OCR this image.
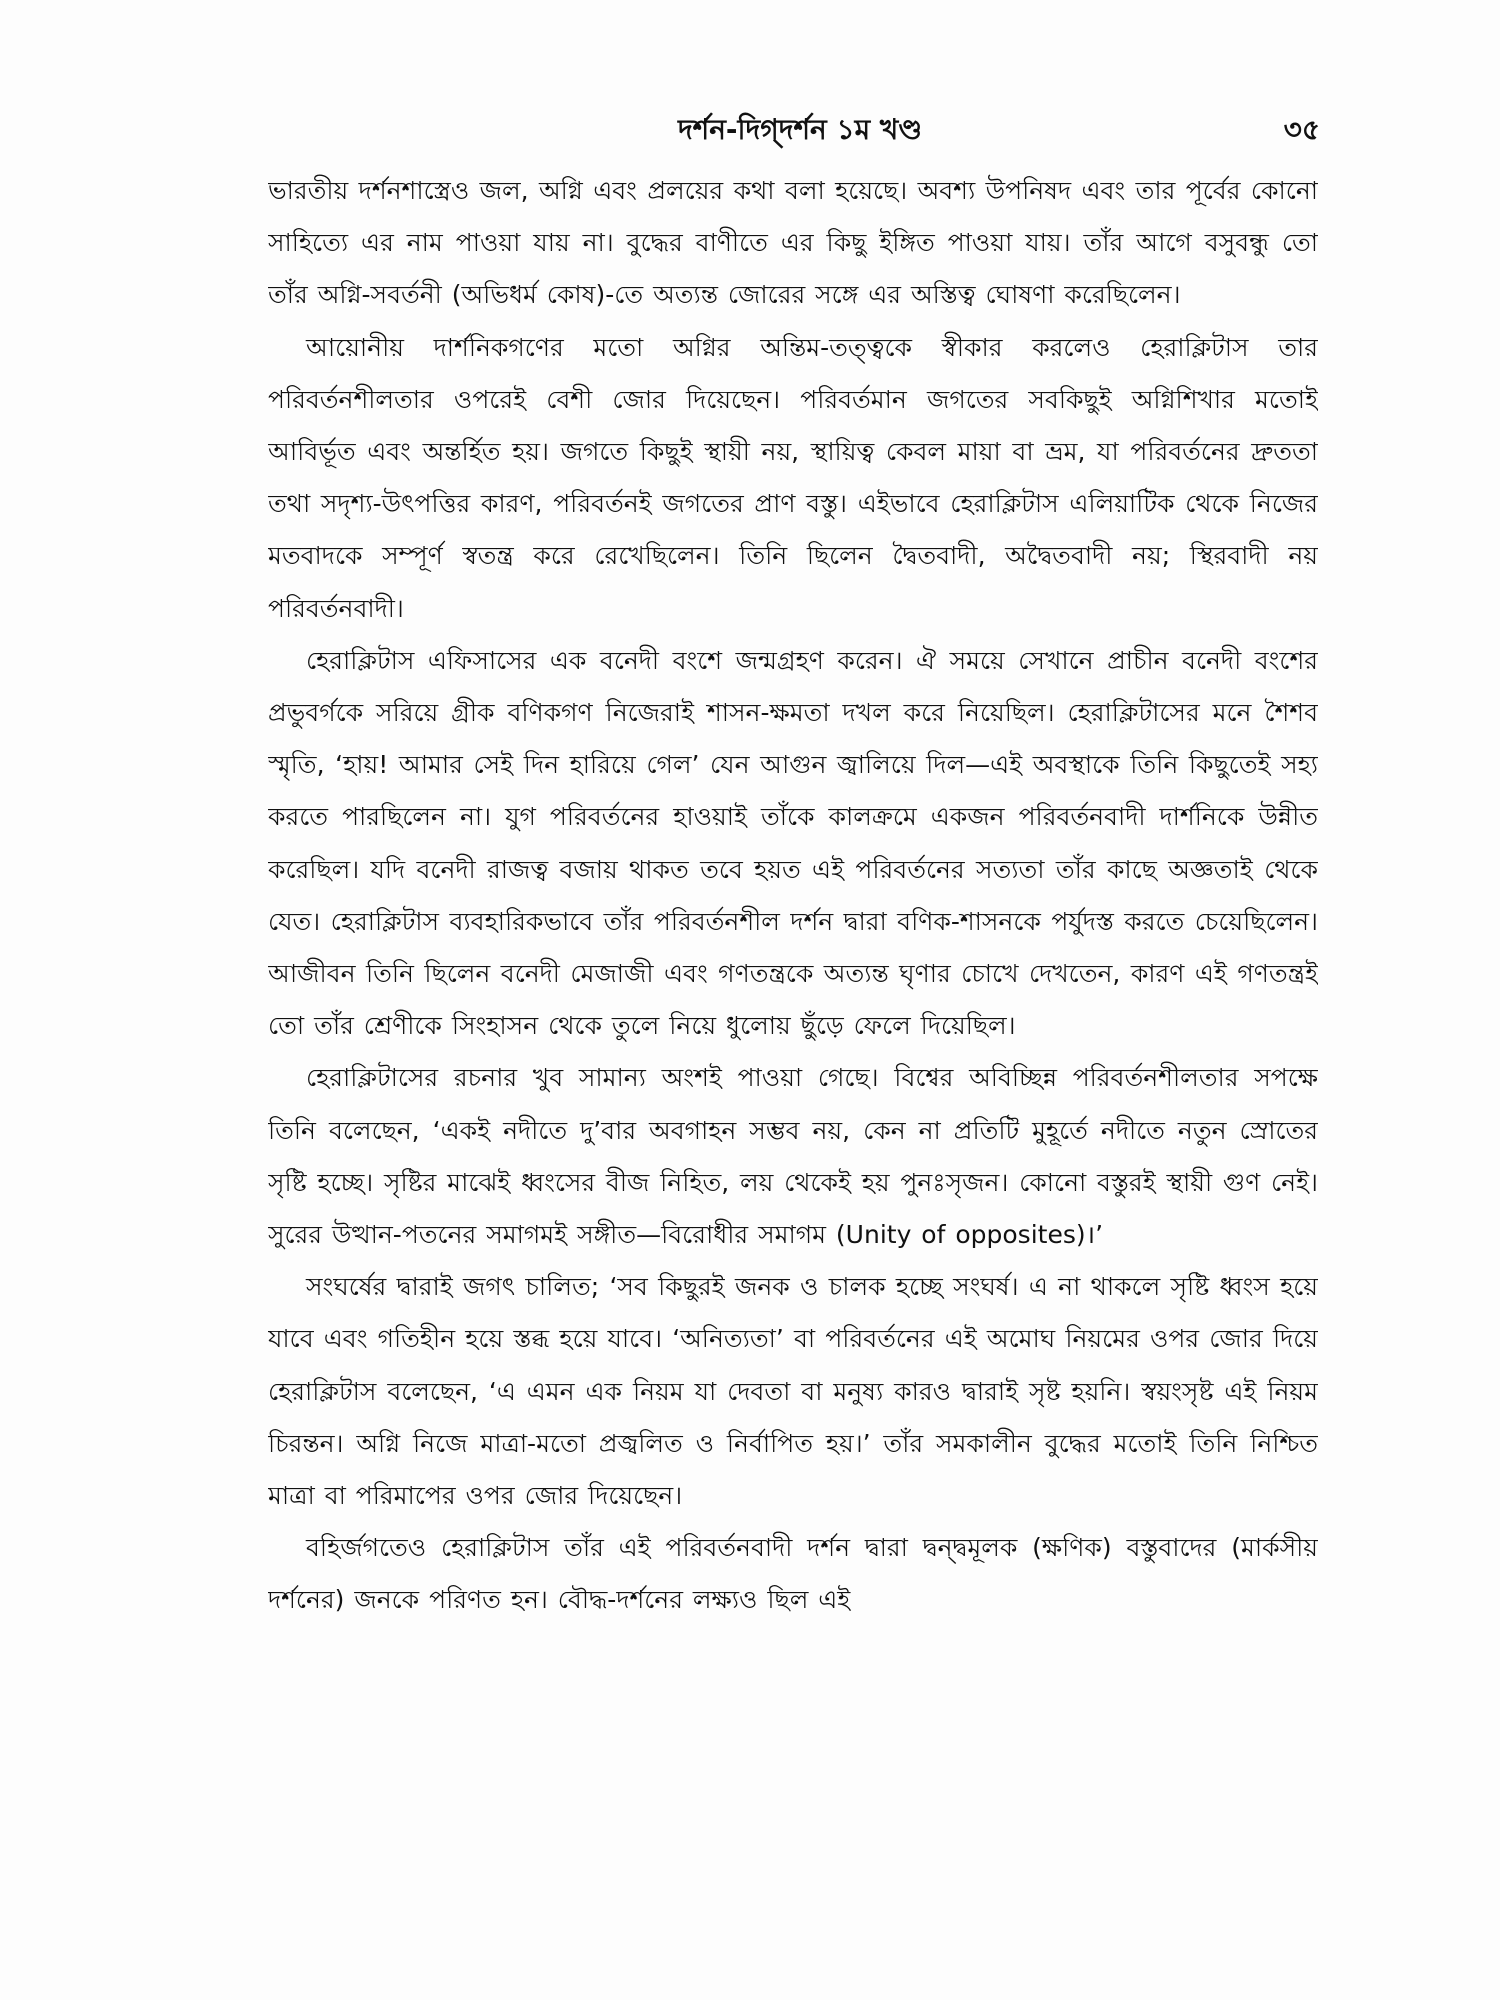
দর্শন-দিগ্‌দর্শন ১ম খণ্ড	৩৫

ভারতীয় দর্শনশাস্ত্রেও জল, অগ্নি এবং প্রলয়ের কথা বলা হয়েছে। অবশ্য উপনিষদ এবং তার পূর্বের কোনো সাহিত্যে এর নাম পাওয়া যায় না। বুদ্ধের বাণীতে এর কিছু ইঙ্গিত পাওয়া যায়। তাঁর আগে বসুবন্ধু তো তাঁর অগ্নি-সবর্তনী (অভিধর্ম কোষ)-তে অত্যন্ত জোরের সঙ্গে এর অস্তিত্ব ঘোষণা করেছিলেন।

আয়োনীয় দার্শনিকগণের মতো অগ্নির অন্তিম-তত্ত্বকে স্বীকার করলেও হেরাক্লিটাস তার পরিবর্তনশীলতার ওপরেই বেশী জোর দিয়েছেন। পরিবর্তমান জগতের সবকিছুই অগ্নিশিখার মতোই আবির্ভূত এবং অন্তর্হিত হয়। জগতে কিছুই স্থায়ী নয়, স্থায়িত্ব কেবল মায়া বা ভ্রম, যা পরিবর্তনের দ্রুততা তথা সদৃশ্য-উৎপত্তির কারণ, পরিবর্তনই জগতের প্রাণ বস্তু। এইভাবে হেরাক্লিটাস এলিয়াটিক থেকে নিজের মতবাদকে সম্পূর্ণ স্বতন্ত্র করে রেখেছিলেন। তিনি ছিলেন দ্বৈতবাদী, অদ্বৈতবাদী নয়; স্থিরবাদী নয় পরিবর্তনবাদী।

হেরাক্লিটাস এফিসাসের এক বনেদী বংশে জন্মগ্রহণ করেন। ঐ সময়ে সেখানে প্রাচীন বনেদী বংশের প্রভুবর্গকে সরিয়ে গ্রীক বণিকগণ নিজেরাই শাসন-ক্ষমতা দখল করে নিয়েছিল। হেরাক্লিটাসের মনে শৈশব স্মৃতি, ‘হায়! আমার সেই দিন হারিয়ে গেল’ যেন আগুন জ্বালিয়ে দিল—এই অবস্থাকে তিনি কিছুতেই সহ্য করতে পারছিলেন না। যুগ পরিবর্তনের হাওয়াই তাঁকে কালক্রমে একজন পরিবর্তনবাদী দার্শনিকে উন্নীত করেছিল। যদি বনেদী রাজত্ব বজায় থাকত তবে হয়ত এই পরিবর্তনের সত্যতা তাঁর কাছে অজ্ঞতাই থেকে যেত। হেরাক্লিটাস ব্যবহারিকভাবে তাঁর পরিবর্তনশীল দর্শন দ্বারা বণিক-শাসনকে পর্যুদস্ত করতে চেয়েছিলেন। আজীবন তিনি ছিলেন বনেদী মেজাজী এবং গণতন্ত্রকে অত্যন্ত ঘৃণার চোখে দেখতেন, কারণ এই গণতন্ত্রই তো তাঁর শ্রেণীকে সিংহাসন থেকে তুলে নিয়ে ধুলোয় ছুঁড়ে ফেলে দিয়েছিল।

হেরাক্লিটাসের রচনার খুব সামান্য অংশই পাওয়া গেছে। বিশ্বের অবিচ্ছিন্ন পরিবর্তনশীলতার সপক্ষে তিনি বলেছেন, ‘একই নদীতে দু’বার অবগাহন সম্ভব নয়, কেন না প্রতিটি মুহূর্তে নদীতে নতুন স্রোতের সৃষ্টি হচ্ছে। সৃষ্টির মাঝেই ধ্বংসের বীজ নিহিত, লয় থেকেই হয় পুনঃসৃজন। কোনো বস্তুরই স্থায়ী গুণ নেই। সুরের উত্থান-পতনের সমাগমই সঙ্গীত—বিরোধীর সমাগম (Unity of opposites)।’

সংঘর্ষের দ্বারাই জগৎ চালিত; ‘সব কিছুরই জনক ও চালক হচ্ছে সংঘর্ষ। এ না থাকলে সৃষ্টি ধ্বংস হয়ে যাবে এবং গতিহীন হয়ে স্তব্ধ হয়ে যাবে। ‘অনিত্যতা’ বা পরিবর্তনের এই অমোঘ নিয়মের ওপর জোর দিয়ে হেরাক্লিটাস বলেছেন, ‘এ এমন এক নিয়ম যা দেবতা বা মনুষ্য কারও দ্বারাই সৃষ্ট হয়নি। স্বয়ংসৃষ্ট এই নিয়ম চিরন্তন। অগ্নি নিজে মাত্রা-মতো প্রজ্বলিত ও নির্বাপিত হয়।’ তাঁর সমকালীন বুদ্ধের মতোই তিনি নিশ্চিত মাত্রা বা পরিমাপের ওপর জোর দিয়েছেন।

বহির্জগতেও হেরাক্লিটাস তাঁর এই পরিবর্তনবাদী দর্শন দ্বারা দ্বন্দ্বমূলক (ক্ষণিক) বস্তুবাদের (মার্কসীয় দর্শনের) জনকে পরিণত হন। বৌদ্ধ-দর্শনের লক্ষ্যও ছিল এই
